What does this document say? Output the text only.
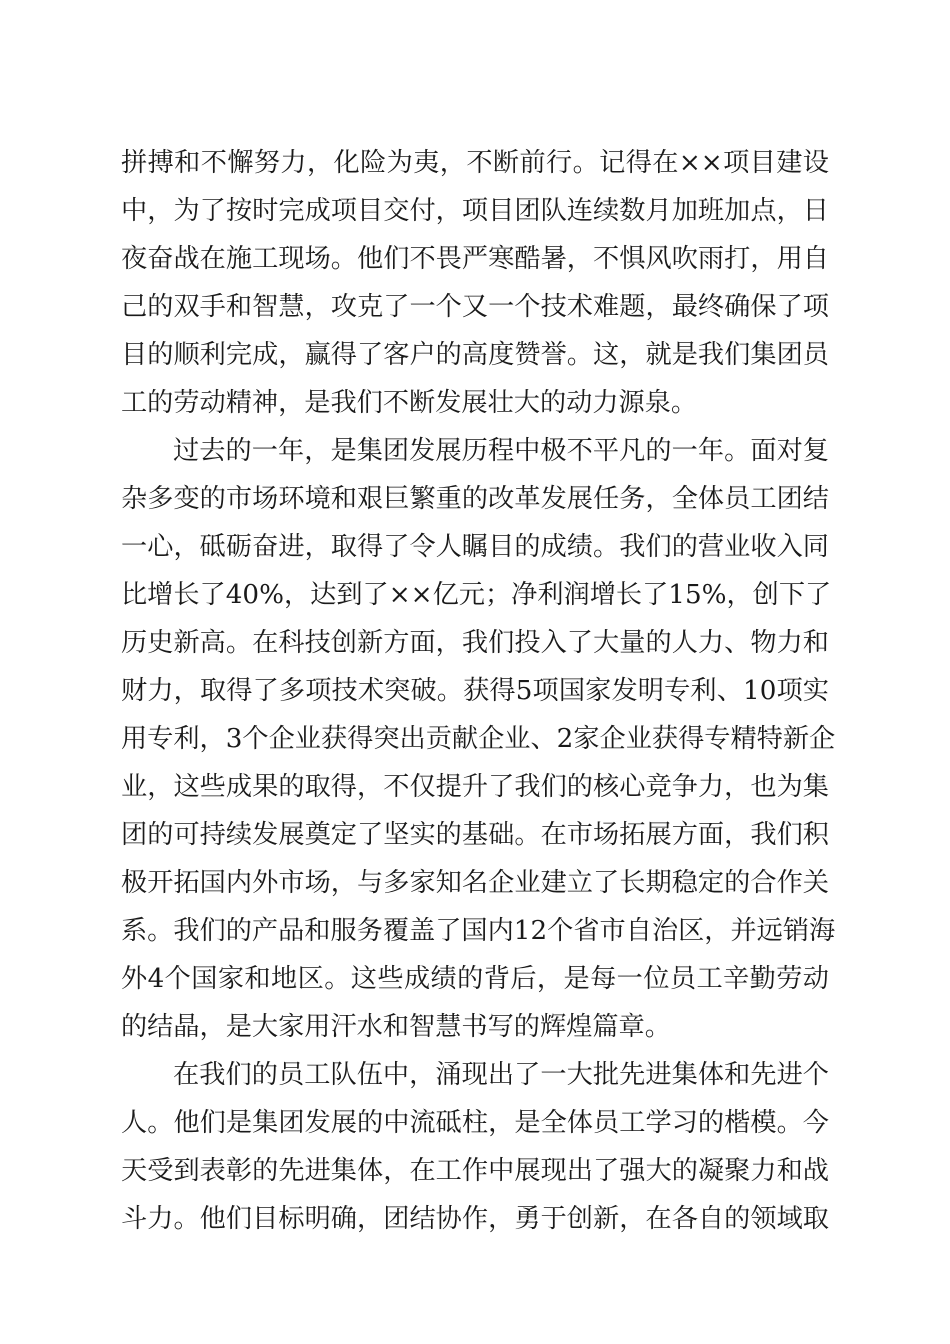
拼搏和不懈努力，化险为夷，不断前行。记得在××项目建设
中，为了按时完成项目交付，项目团队连续数月加班加点，日
夜奋战在施工现场。他们不畏严寒酷暑，不惧风吹雨打，用自
己的双手和智慧，攻克了一个又一个技术难题，最终确保了项
目的顺利完成，赢得了客户的高度赞誉。这，就是我们集团员
工的劳动精神，是我们不断发展壮大的动力源泉。
过去的一年，是集团发展历程中极不平凡的一年。面对复
杂多变的市场环境和艰巨繁重的改革发展任务，全体员工团结
一心，砥砺奋进，取得了令人瞩目的成绩。我们的营业收入同
比增长了40%，达到了××亿元；净利润增长了15%，创下了
历史新高。在科技创新方面，我们投入了大量的人力、物力和
财力，取得了多项技术突破。获得5项国家发明专利、10项实
用专利，3个企业获得突出贡献企业、2家企业获得专精特新企
业，这些成果的取得，不仅提升了我们的核心竞争力，也为集
团的可持续发展奠定了坚实的基础。在市场拓展方面，我们积
极开拓国内外市场，与多家知名企业建立了长期稳定的合作关
系。我们的产品和服务覆盖了国内12个省市自治区，并远销海
外4个国家和地区。这些成绩的背后，是每一位员工辛勤劳动
的结晶，是大家用汗水和智慧书写的辉煌篇章。
在我们的员工队伍中，涌现出了一大批先进集体和先进个
人。他们是集团发展的中流砥柱，是全体员工学习的楷模。今
天受到表彰的先进集体，在工作中展现出了强大的凝聚力和战
斗力。他们目标明确，团结协作，勇于创新，在各自的领域取
